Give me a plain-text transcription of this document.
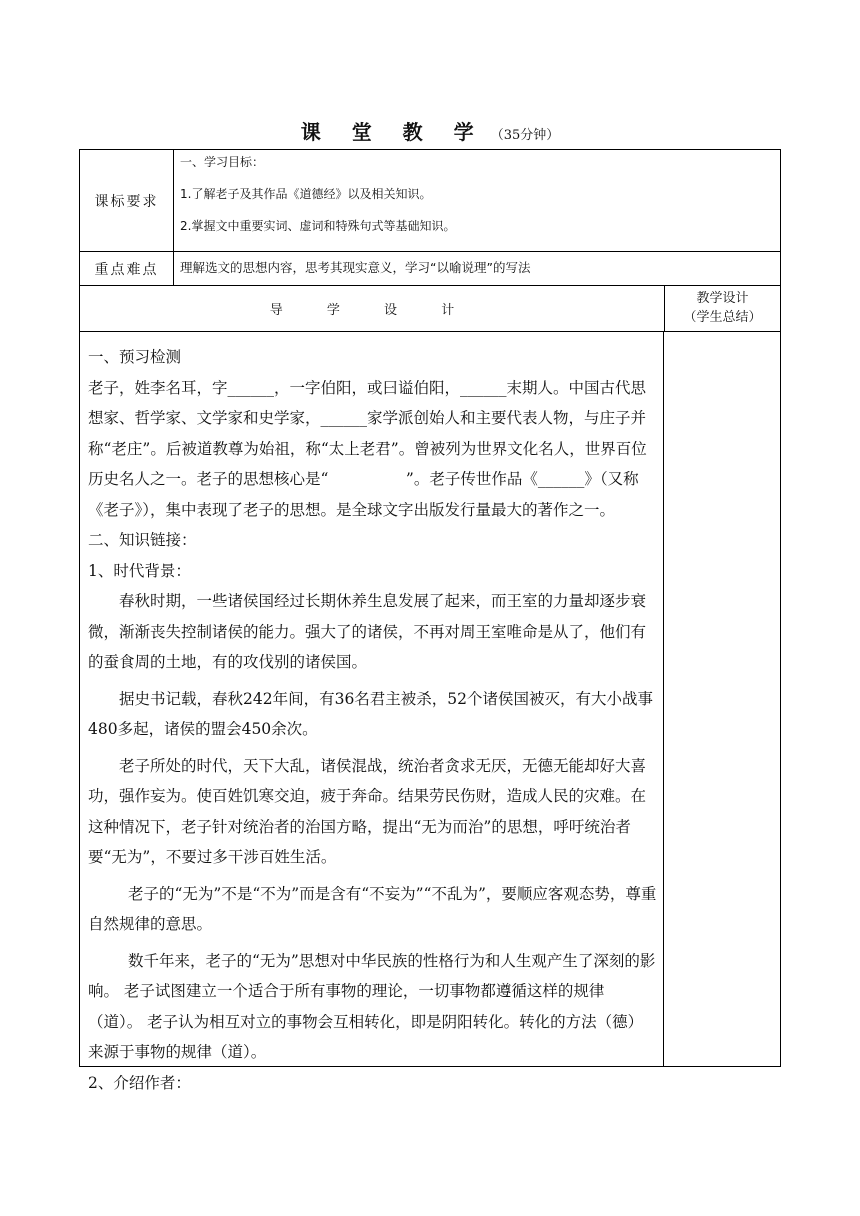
课 堂 教 学 （35分钟）
课标要求

一、学习目标：

1.了解老子及其作品《道德经》以及相关知识。

2.掌握文中重要实词、虚词和特殊句式等基础知识。

重点难点	理解选文的思想内容，思考其现实意义，学习“以喻说理”的写法
导 学 设 计
教学设计
（学生总结）

一、预习检测

老子，姓李名耳，字______，一字伯阳，或曰谥伯阳，______末期人。中国古代思想家、哲学家、文学家和史学家，______家学派创始人和主要代表人物，与庄子并称“老庄”。后被道教尊为始祖，称“太上老君”。曾被列为世界文化名人，世界百位历史名人之一。老子的思想核心是“　　　　　”。老子传世作品《______》（又称《老子》），集中表现了老子的思想。是全球文字出版发行量最大的著作之一。

二、知识链接：

1、时代背景：

春秋时期，一些诸侯国经过长期休养生息发展了起来，而王室的力量却逐步衰微，渐渐丧失控制诸侯的能力。强大了的诸侯，不再对周王室唯命是从了，他们有的蚕食周的土地，有的攻伐别的诸侯国。

据史书记载，春秋242年间，有36名君主被杀，52个诸侯国被灭，有大小战事480多起，诸侯的盟会450余次。

老子所处的时代，天下大乱，诸侯混战，统治者贪求无厌，无德无能却好大喜功，强作妄为。使百姓饥寒交迫，疲于奔命。结果劳民伤财，造成人民的灾难。在这种情况下，老子针对统治者的治国方略，提出“无为而治”的思想，呼吁统治者要“无为”，不要过多干涉百姓生活。

老子的“无为”不是“不为”而是含有“不妄为”“不乱为”，要顺应客观态势，尊重自然规律的意思。

数千年来，老子的“无为”思想对中华民族的性格行为和人生观产生了深刻的影响。 老子试图建立一个适合于所有事物的理论，一切事物都遵循这样的规律（道）。 老子认为相互对立的事物会互相转化，即是阴阳转化。转化的方法（德）来源于事物的规律（道）。

2、介绍作者：
